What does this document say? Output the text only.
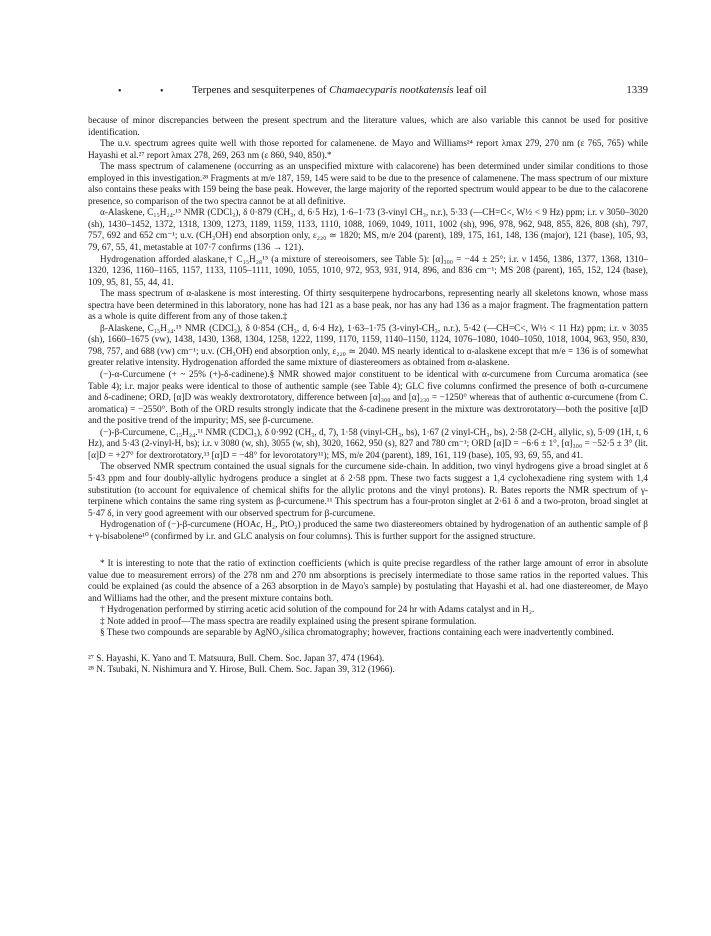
• • Terpenes and sesquiterpenes of Chamaecyparis nootkatensis leaf oil	1339

because of minor discrepancies between the present spectrum and the literature values, which are also variable this cannot be used for positive identification.

The u.v. spectrum agrees quite well with those reported for calamenene. de Mayo and Williams²⁴ report λmax 279, 270 nm (ε 765, 765) while Hayashi et al.²⁷ report λmax 278, 269, 263 nm (ε 860, 940, 850).*

The mass spectrum of calamenene (occurring as an unspecified mixture with calacorene) has been determined under similar conditions to those employed in this investigation.²⁸ Fragments at m/e 187, 159, 145 were said to be due to the presence of calamenene. The mass spectrum of our mixture also contains these peaks with 159 being the base peak. However, the large majority of the reported spectrum would appear to be due to the calacorene presence, so comparison of the two spectra cannot be at all definitive.

α-Alaskene, C₁₅H₂₄.¹⁵ NMR (CDCl₃), δ 0·879 (CH₃, d, 6·5 Hz), 1·6–1·73 (3-vinyl CH₃, n.r.), 5·33 (—CH=C<, W½ < 9 Hz) ppm; i.r. ν 3050–3020 (sh), 1430–1452, 1372, 1318, 1309, 1273, 1189, 1159, 1133, 1110, 1088, 1069, 1049, 1011, 1002 (sh), 996, 978, 962, 948, 855, 826, 808 (sh), 797, 757, 692 and 652 cm⁻¹; u.v. (CH₃OH) end absorption only, ε₂₂₀ ≃ 1820; MS, m/e 204 (parent), 189, 175, 161, 148, 136 (major), 121 (base), 105, 93, 79, 67, 55, 41, metastable at 107·7 confirms (136 → 121).

Hydrogenation afforded alaskane,† C₁₅H₂₈¹⁵ (a mixture of stereoisomers, see Table 5): [α]₃₀₀ = −44 ± 25°; i.r. ν 1456, 1386, 1377, 1368, 1310–1320, 1236, 1160–1165, 1157, 1133, 1105–1111, 1090, 1055, 1010, 972, 953, 931, 914, 896, and 836 cm⁻¹; MS 208 (parent), 165, 152, 124 (base), 109, 95, 81, 55, 44, 41.

The mass spectrum of α-alaskene is most interesting. Of thirty sesquiterpene hydrocarbons, representing nearly all skeletons known, whose mass spectra have been determined in this laboratory, none has had 121 as a base peak, nor has any had 136 as a major fragment. The fragmentation pattern as a whole is quite different from any of those taken.‡

β-Alaskene, C₁₅H₂₄.¹⁵ NMR (CDCl₃), δ 0·854 (CH₃, d, 6·4 Hz), 1·63–1·75 (3-vinyl-CH₃, n.r.), 5·42 (—CH=C<, W½ < 11 Hz) ppm; i.r. ν 3035 (sh), 1660–1675 (vw), 1438, 1430, 1368, 1304, 1258, 1222, 1199, 1170, 1159, 1140–1150, 1124, 1076–1080, 1040–1050, 1018, 1004, 963, 950, 830, 798, 757, and 688 (vw) cm⁻¹; u.v. (CH₃OH) end absorption only, ε₂₂₀ ≃ 2040. MS nearly identical to α-alaskene except that m/e = 136 is of somewhat greater relative intensity. Hydrogenation afforded the same mixture of diastereomers as obtained from α-alaskene.

(−)-α-Curcumene (+ ~ 25% (+)-δ-cadinene).§ NMR showed major constituent to be identical with α-curcumene from Curcuma aromatica (see Table 4); i.r. major peaks were identical to those of authentic sample (see Table 4); GLC five columns confirmed the presence of both α-curcumene and δ-cadinene; ORD, [α]D was weakly dextrorotatory, difference between [α]₃₀₀ and [α]₂₃₀ = −1250° whereas that of authentic α-curcumene (from C. aromatica) = −2550°. Both of the ORD results strongly indicate that the δ-cadinene present in the mixture was dextrorotatory—both the positive [α]D and the positive trend of the impurity; MS, see β-curcumene.

(−)-β-Curcumene, C₁₅H₂₄.¹¹ NMR (CDCl₃), δ 0·992 (CH₃, d, 7), 1·58 (vinyl-CH₃, bs), 1·67 (2 vinyl-CH₃, bs), 2·58 (2-CH₂ allylic, s), 5·09 (1H, t, 6 Hz), and 5·43 (2-vinyl-H, bs); i.r. ν 3080 (w, sh), 3055 (w, sh), 3020, 1662, 950 (s), 827 and 780 cm⁻¹; ORD [α]D = −6·6 ± 1°, [α]₃₀₀ = −52·5 ± 3° (lit. [α]D = +27° for dextrorotatory,¹³ [α]D = −48° for levorotatory¹¹); MS, m/e 204 (parent), 189, 161, 119 (base), 105, 93, 69, 55, and 41.

The observed NMR spectrum contained the usual signals for the curcumene side-chain. In addition, two vinyl hydrogens give a broad singlet at δ 5·43 ppm and four doubly-allylic hydrogens produce a singlet at δ 2·58 ppm. These two facts suggest a 1,4 cyclohexadiene ring system with 1,4 substitution (to account for equivalence of chemical shifts for the allylic protons and the vinyl protons). R. Bates reports the NMR spectrum of γ-terpinene which contains the same ring system as β-curcumene.¹¹ This spectrum has a four-proton singlet at 2·61 δ and a two-proton, broad singlet at 5·47 δ, in very good agreement with our observed spectrum for β-curcumene.

Hydrogenation of (−)-β-curcumene (HOAc, H₂, PtO₂) produced the same two diastereomers obtained by hydrogenation of an authentic sample of β + γ-bisabolene¹⁰ (confirmed by i.r. and GLC analysis on four columns). This is further support for the assigned structure.

* It is interesting to note that the ratio of extinction coefficients (which is quite precise regardless of the rather large amount of error in absolute value due to measurement errors) of the 278 nm and 270 nm absorptions is precisely intermediate to those same ratios in the reported values. This could be explained (as could the absence of a 263 absorption in de Mayo's sample) by postulating that Hayashi et al. had one diastereomer, de Mayo and Williams had the other, and the present mixture contains both.

† Hydrogenation performed by stirring acetic acid solution of the compound for 24 hr with Adams catalyst and in H₂.

‡ Note added in proof—The mass spectra are readily explained using the present spirane formulation.

§ These two compounds are separable by AgNO₃/silica chromatography; however, fractions containing each were inadvertently combined.

²⁷ S. Hayashi, K. Yano and T. Matsuura, Bull. Chem. Soc. Japan 37, 474 (1964).

²⁸ N. Tsubaki, N. Nishimura and Y. Hirose, Bull. Chem. Soc. Japan 39, 312 (1966).
